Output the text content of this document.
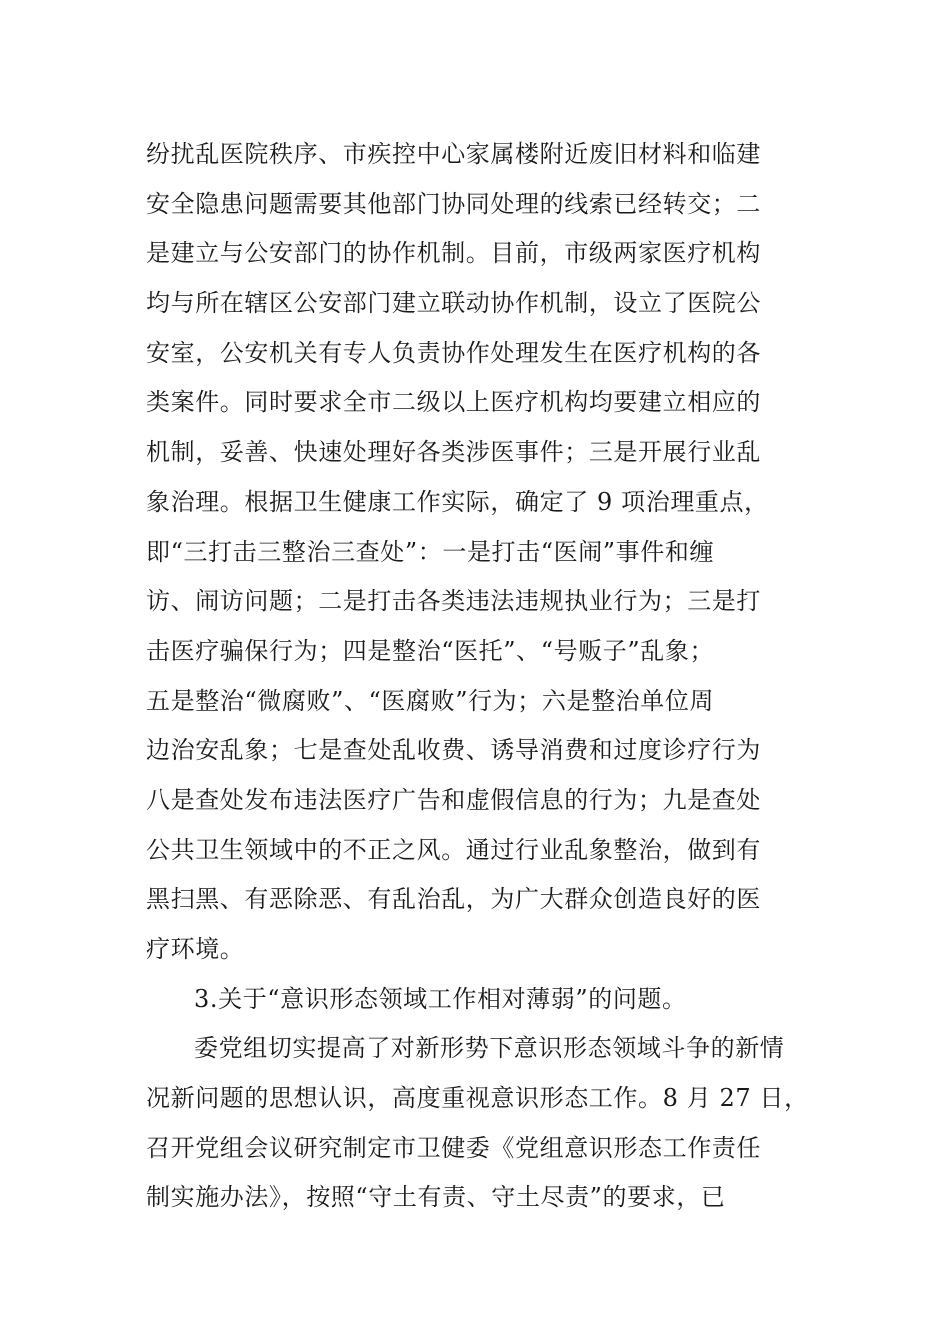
纷扰乱医院秩序、市疾控中心家属楼附近废旧材料和临建
安全隐患问题需要其他部门协同处理的线索已经转交；二
是建立与公安部门的协作机制。目前，市级两家医疗机构
均与所在辖区公安部门建立联动协作机制，设立了医院公
安室，公安机关有专人负责协作处理发生在医疗机构的各
类案件。同时要求全市二级以上医疗机构均要建立相应的
机制，妥善、快速处理好各类涉医事件；三是开展行业乱
象治理。根据卫生健康工作实际，确定了 9 项治理重点，
即“三打击三整治三查处”：一是打击“医闹”事件和缠
访、闹访问题；二是打击各类违法违规执业行为；三是打
击医疗骗保行为；四是整治“医托”、“号贩子”乱象；
五是整治“微腐败”、“医腐败”行为；六是整治单位周
边治安乱象；七是查处乱收费、诱导消费和过度诊疗行为
八是查处发布违法医疗广告和虚假信息的行为；九是查处
公共卫生领域中的不正之风。通过行业乱象整治，做到有
黑扫黑、有恶除恶、有乱治乱，为广大群众创造良好的医
疗环境。
3.关于“意识形态领域工作相对薄弱”的问题。
委党组切实提高了对新形势下意识形态领域斗争的新情
况新问题的思想认识，高度重视意识形态工作。8 月 27 日，
召开党组会议研究制定市卫健委《党组意识形态工作责任
制实施办法》，按照“守土有责、守土尽责”的要求，已
